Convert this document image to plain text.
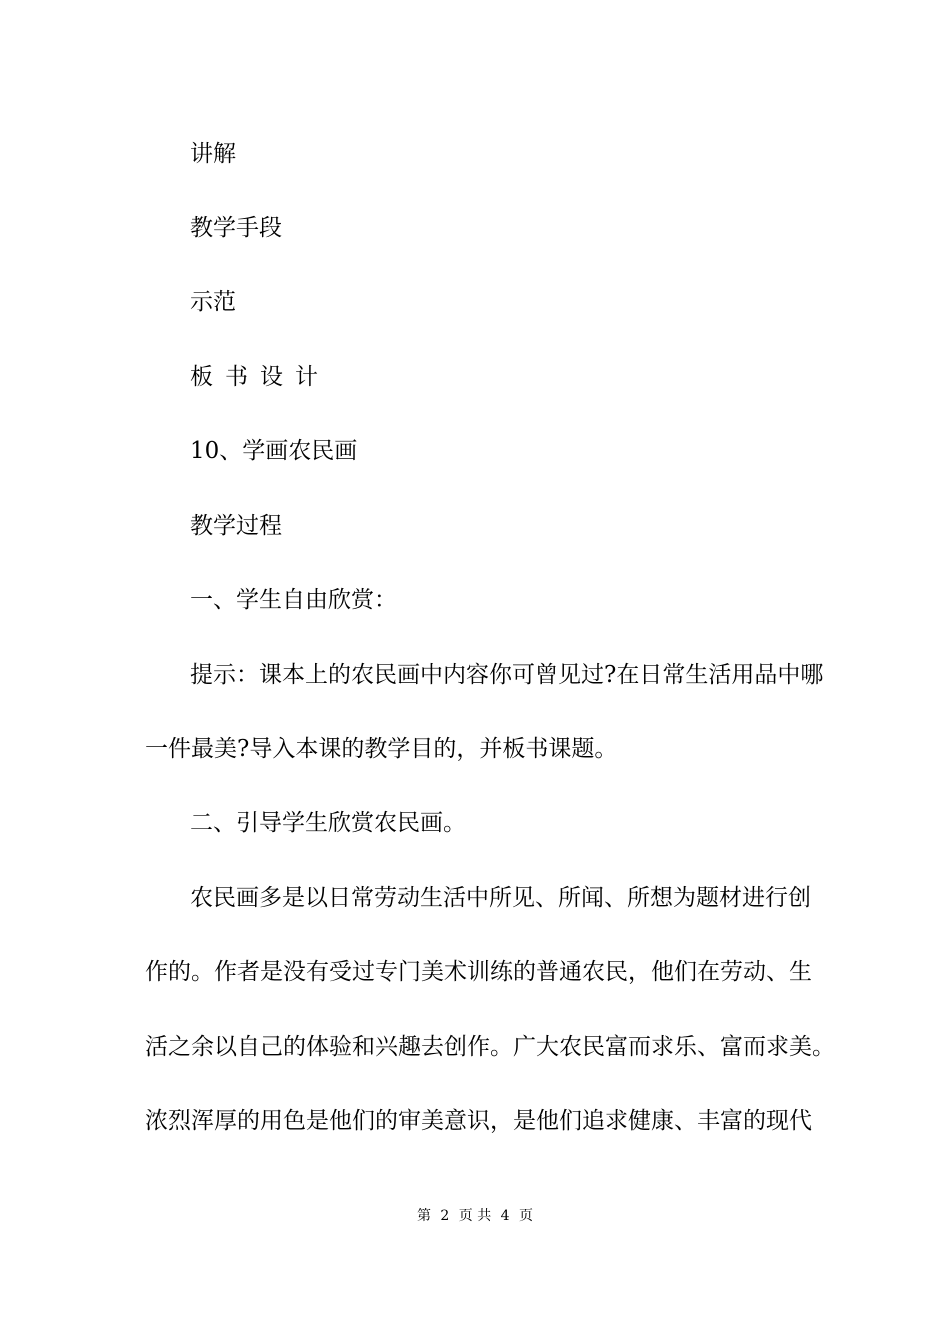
讲解

教学手段

示范

板书设计

10、学画农民画

教学过程

一、学生自由欣赏：

提示：课本上的农民画中内容你可曾见过?在日常生活用品中哪

一件最美?导入本课的教学目的，并板书课题。

二、引导学生欣赏农民画。

农民画多是以日常劳动生活中所见、所闻、所想为题材进行创

作的。作者是没有受过专门美术训练的普通农民，他们在劳动、生

活之余以自己的体验和兴趣去创作。广大农民富而求乐、富而求美。

浓烈浑厚的用色是他们的审美意识，是他们追求健康、丰富的现代

第 2 页 共 4 页
